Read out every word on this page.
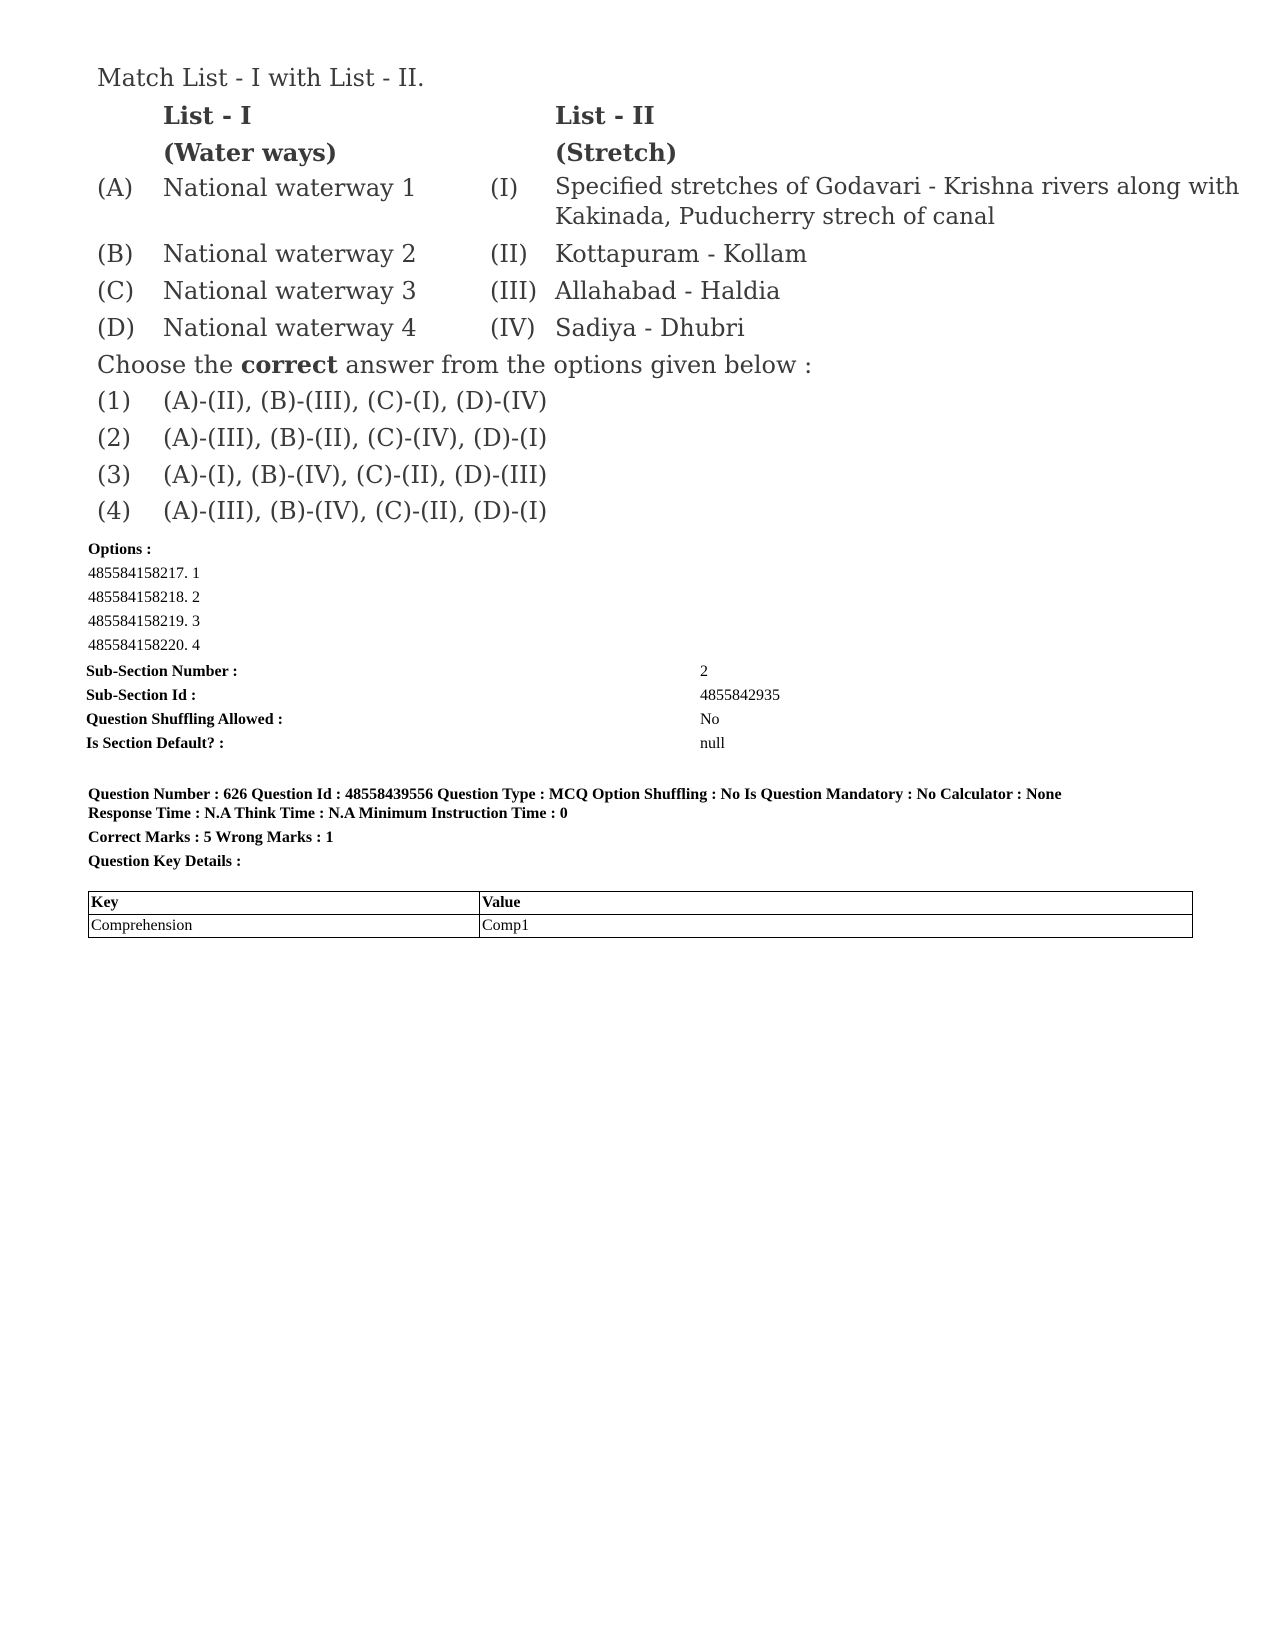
Match List - I with List - II.
List - I	List - II
(Water ways)	(Stretch)
(A) National waterway 1	(I) Specified stretches of Godavari - Krishna rivers along with
Kakinada, Puducherry strech of canal
(B) National waterway 2	(II) Kottapuram - Kollam
(C) National waterway 3	(III) Allahabad - Haldia
(D) National waterway 4	(IV) Sadiya - Dhubri
Choose the correct answer from the options given below :
(1) (A)-(II), (B)-(III), (C)-(I), (D)-(IV)
(2) (A)-(III), (B)-(II), (C)-(IV), (D)-(I)
(3) (A)-(I), (B)-(IV), (C)-(II), (D)-(III)
(4) (A)-(III), (B)-(IV), (C)-(II), (D)-(I)
Options :
485584158217. 1
485584158218. 2
485584158219. 3
485584158220. 4
Sub-Section Number :	2
Sub-Section Id :	4855842935
Question Shuffling Allowed :	No
Is Section Default? :	null
Question Number : 626 Question Id : 48558439556 Question Type : MCQ Option Shuffling : No Is Question Mandatory : No Calculator : None
Response Time : N.A Think Time : N.A Minimum Instruction Time : 0
Correct Marks : 5 Wrong Marks : 1
Question Key Details :
Key	Value
Comprehension	Comp1
